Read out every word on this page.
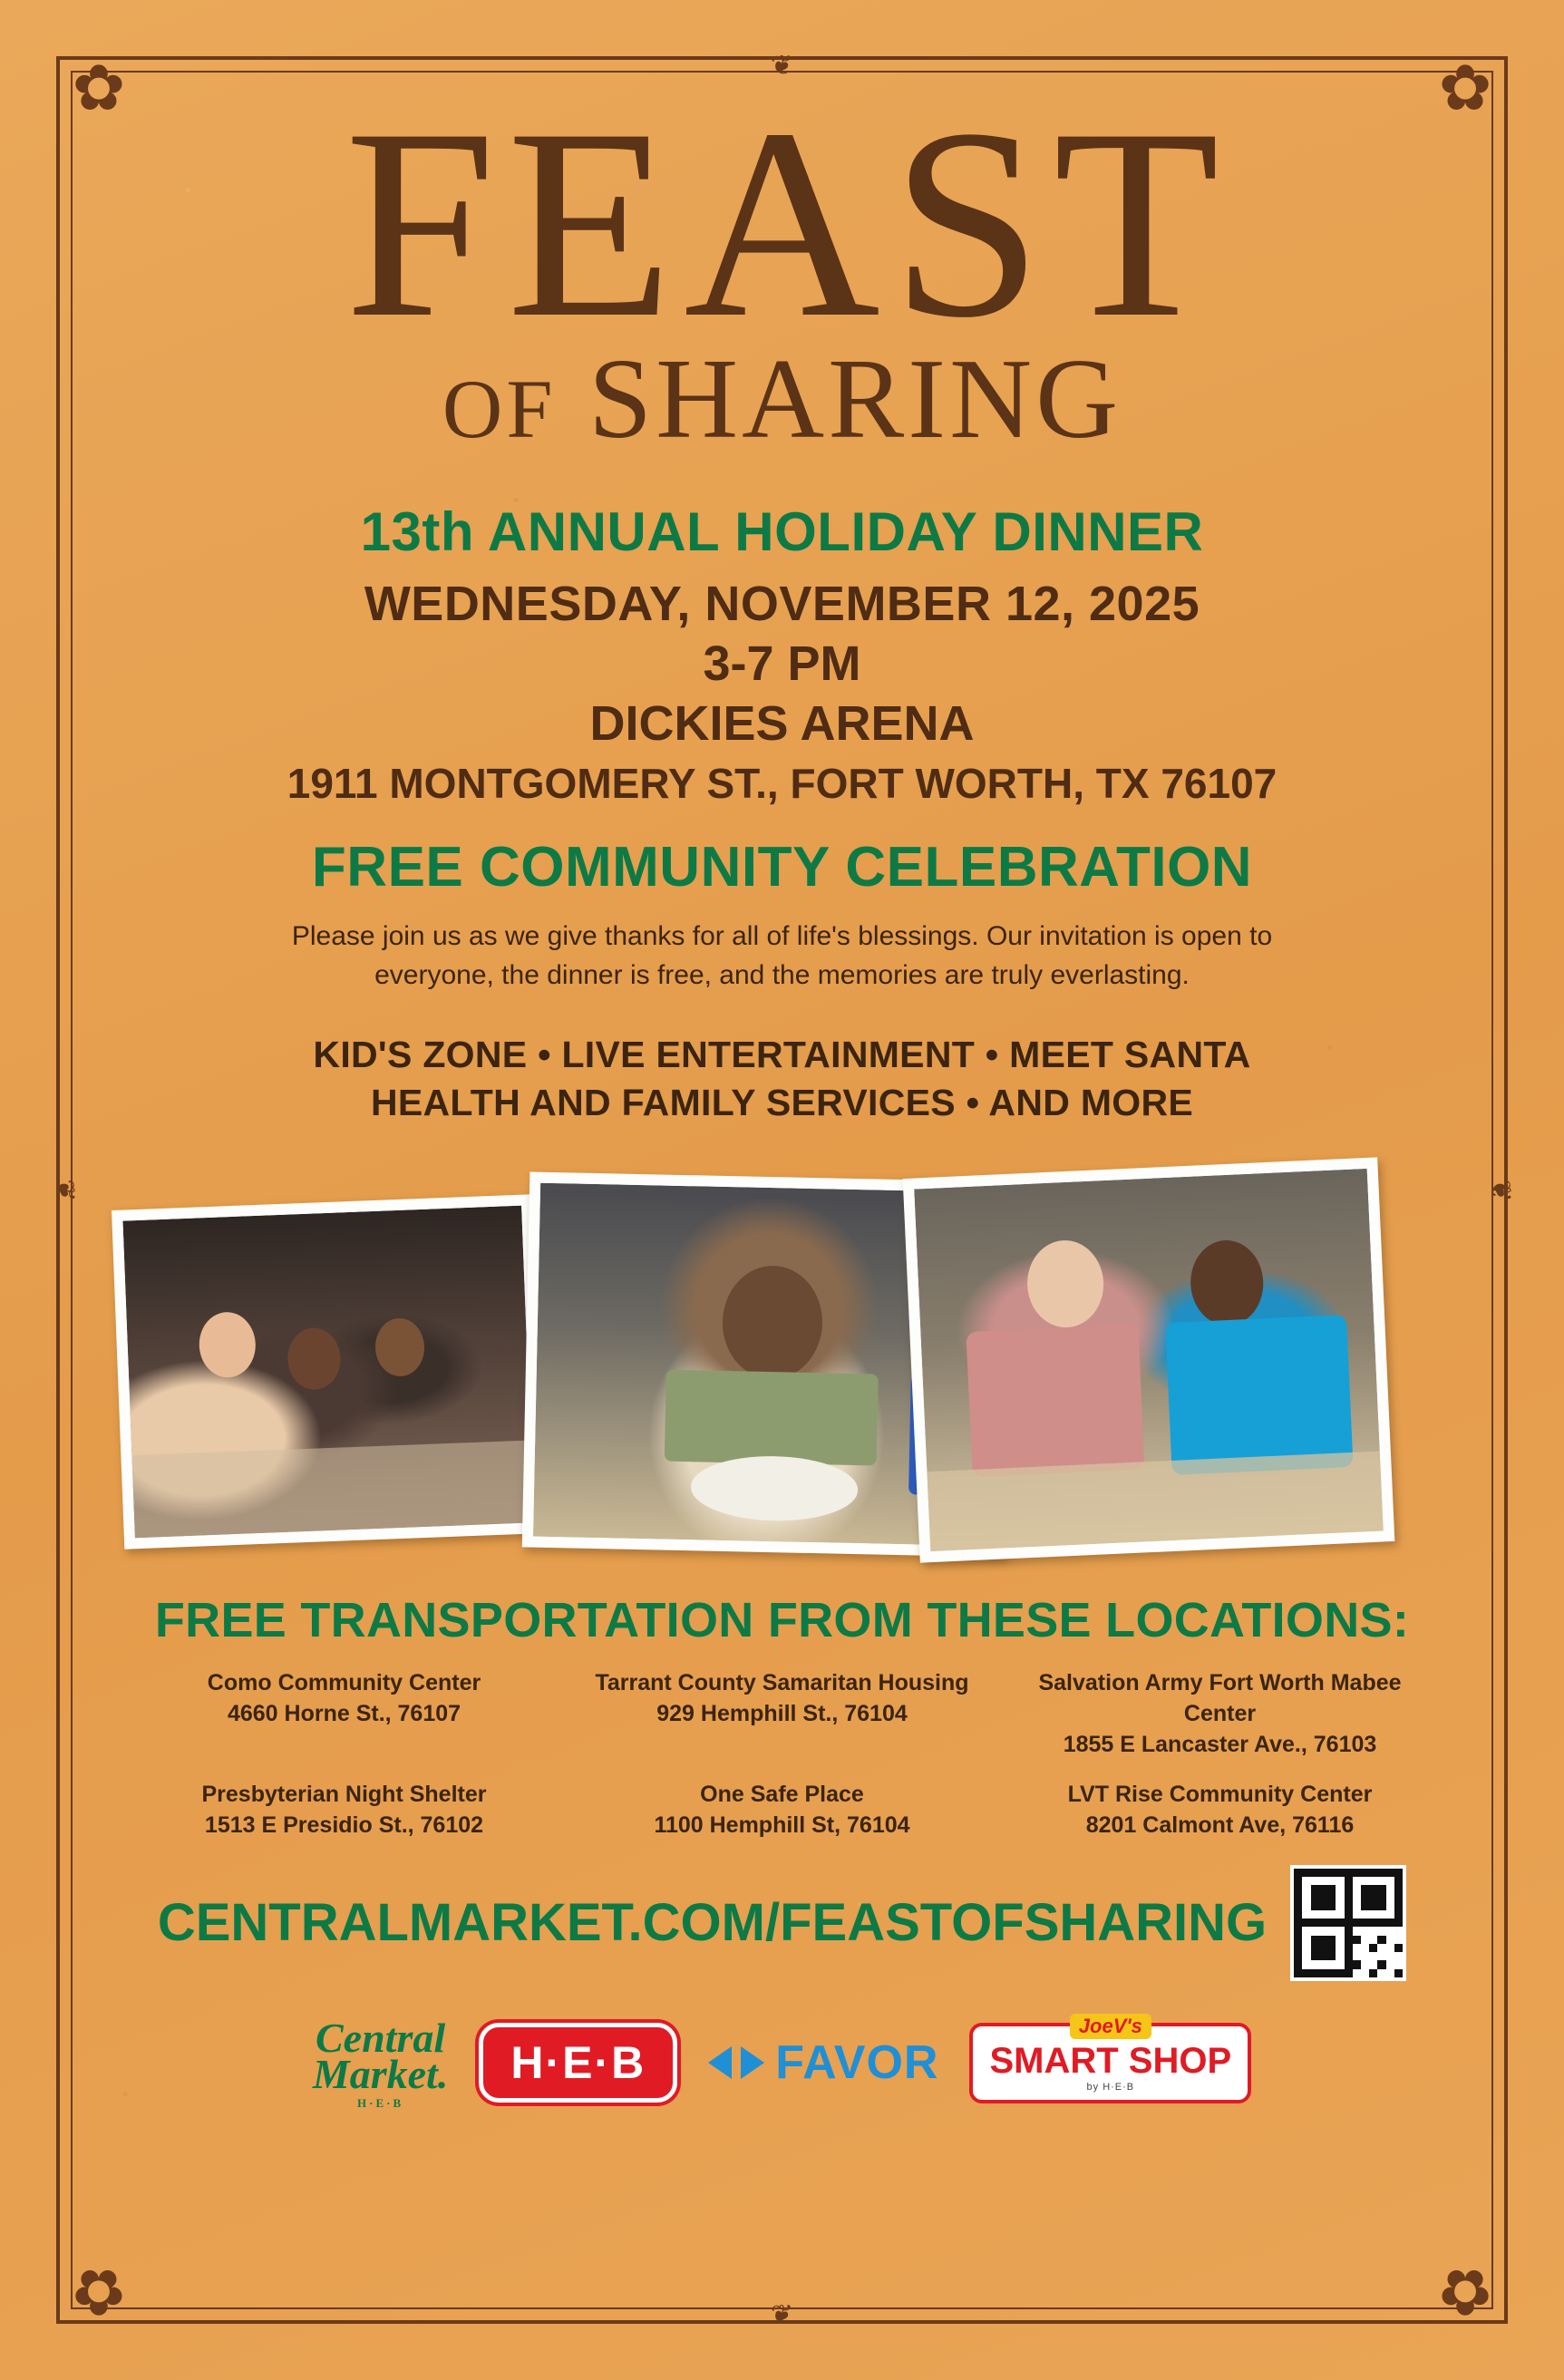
✿	✿
✿	✿
❦
❦
❦	❦
FEAST
OF SHARING
13th ANNUAL HOLIDAY DINNER
WEDNESDAY, NOVEMBER 12, 2025
3-7 PM
DICKIES ARENA
1911 MONTGOMERY ST., FORT WORTH, TX 76107
FREE COMMUNITY CELEBRATION
Please join us as we give thanks for all of life's blessings. Our invitation is open to everyone, the dinner is free, and the memories are truly everlasting.
KID'S ZONE • LIVE ENTERTAINMENT • MEET SANTA
HEALTH AND FAMILY SERVICES • AND MORE
FREE TRANSPORTATION FROM THESE LOCATIONS:
Como Community Center
4660 Horne St., 76107
Tarrant County Samaritan Housing
929 Hemphill St., 76104
Salvation Army Fort Worth Mabee Center
1855 E Lancaster Ave., 76103
Presbyterian Night Shelter
1513 E Presidio St., 76102
One Safe Place
1100 Hemphill St, 76104
LVT Rise Community Center
8201 Calmont Ave, 76116
CENTRALMARKET.COM/FEASTOFSHARING
Central
Market.
H·E·B
H·E·B	FAVOR
JoeV's
SMART SHOP
by H·E·B
